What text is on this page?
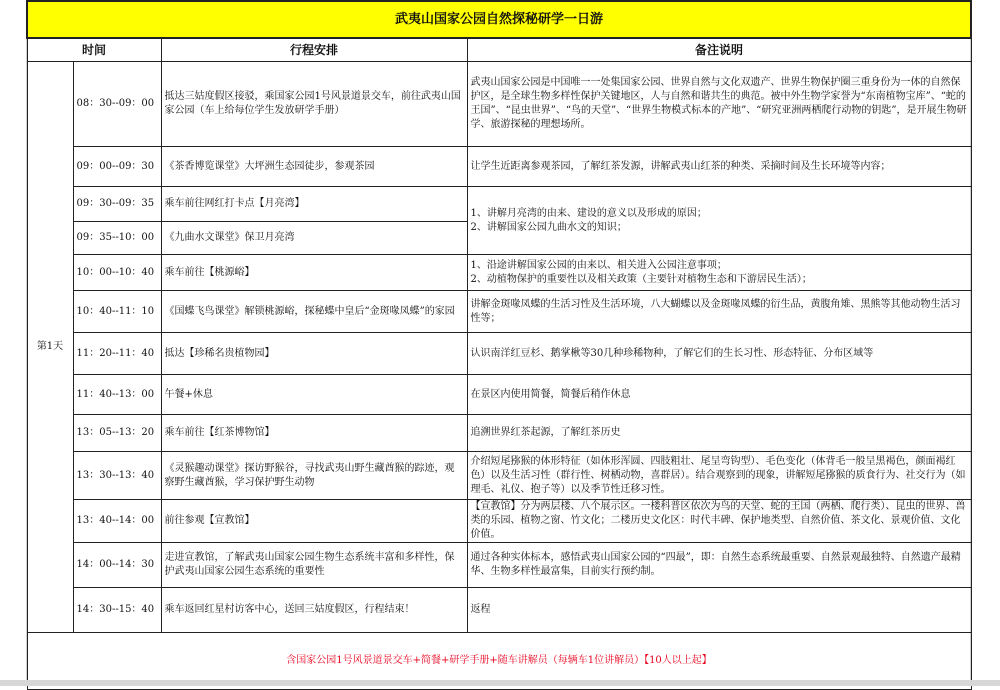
武夷山国家公园自然探秘研学一日游			
时间		行程安排	备注说明
第1天	08：30--09：00	抵达三姑度假区接驳，乘国家公园1号风景道景交车，前往武夷山国家公园（车上给每位学生发放研学手册）	武夷山国家公园是中国唯一一处集国家公园、世界自然与文化双遗产、世界生物保护圈三重身份为一体的自然保护区，是全球生物多样性保护关键地区，人与自然和谐共生的典范。被中外生物学家誉为“东南植物宝库”、“蛇的王国”、“昆虫世界”、“鸟的天堂”、“世界生物模式标本的产地”、“研究亚洲两栖爬行动物的钥匙”，是开展生物研学、旅游探秘的理想场所。
	09：00--09：30	《茶香博览课堂》大坪洲生态园徒步，参观茶园	让学生近距离参观茶园，了解红茶发源，讲解武夷山红茶的种类、采摘时间及生长环境等内容；
	09：30--09：35	乘车前往网红打卡点【月亮湾】	1、讲解月亮湾的由来、建设的意义以及形成的原因；
2、讲解国家公园九曲水文的知识；
	09：35--10：00	《九曲水文课堂》保卫月亮湾	
	10：00--10：40	乘车前往【桃源峪】	1、沿途讲解国家公园的由来以、相关进入公园注意事项；
2、动植物保护的重要性以及相关政策（主要针对植物生态和下游居民生活）；
	10：40--11：10	《国蝶飞鸟课堂》解锁桃源峪，探秘蝶中皇后“金斑喙凤蝶”的家园	讲解金斑喙凤蝶的生活习性及生活环境，八大蝴蝶以及金斑喙凤蝶的衍生品，黄腹角雉、黑熊等其他动物生活习性等；
	11：20--11：40	抵达【珍稀名贵植物园】	认识南洋红豆杉、鹅掌楸等30几种珍稀物种，了解它们的生长习性、形态特征、分布区域等
	11：40--13：00	午餐+休息	在景区内使用简餐，简餐后稍作休息
	13：05--13：20	乘车前往【红茶博物馆】	追溯世界红茶起源，了解红茶历史
	13：30--13：40	《灵猴趣动课堂》探访野猴谷，寻找武夷山野生藏酋猴的踪迹，观察野生藏酋猴，学习保护野生动物	介绍短尾猕猴的体形特征（如体形浑圆、四肢粗壮、尾呈弯钩型）、毛色变化（体背毛一般呈黑褐色，颜面褐红色）以及生活习性（群行性、树栖动物，喜群居）。结合观察到的现象，讲解短尾猕猴的质食行为、社交行为（如理毛、礼仪、抱子等）以及季节性迁移习性。
	13：40--14：00	前往参观【宣教馆】	【宣教馆】分为两层楼、八个展示区。一楼科普区依次为鸟的天堂、蛇的王国（两栖、爬行类）、昆虫的世界、兽类的乐园、植物之窗、竹文化；二楼历史文化区：时代丰碑、保护地类型、自然价值、茶文化、景观价值、文化价值。
	14：00--14：30	走进宣教馆，了解武夷山国家公园生物生态系统丰富和多样性，保护武夷山国家公园生态系统的重要性	通过各种实体标本，感悟武夷山国家公园的“四最”，即：自然生态系统最重要、自然景观最独特、自然遗产最精华、生物多样性最富集，目前实行预约制。
	14：30--15：40	乘车返回红星村访客中心，送回三姑度假区，行程结束！	返程
含国家公园1号风景道景交车+简餐+研学手册+随车讲解员（每辆车1位讲解员）【10人以上起】			
